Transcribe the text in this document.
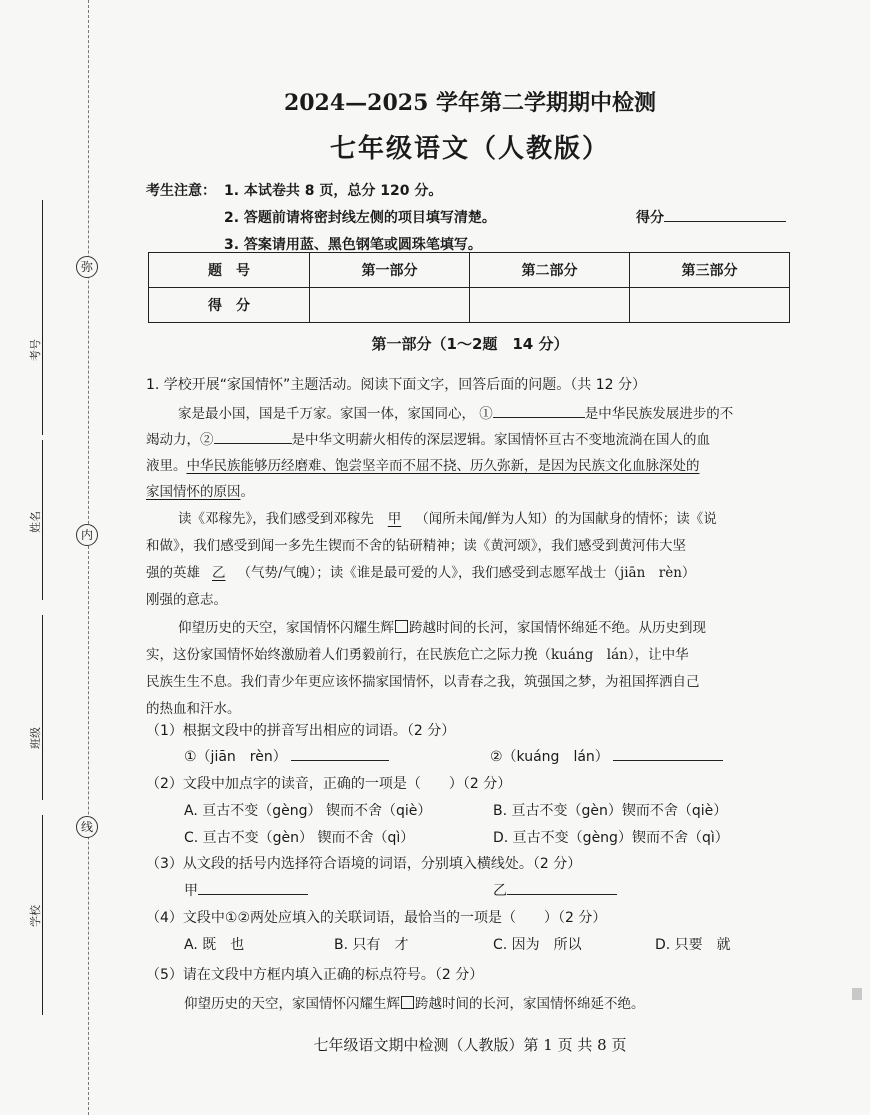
弥
内
线
考号
姓名
班级
学校
2024—2025 学年第二学期期中检测
七年级语文（人教版）
考生注意： 1. 本试卷共 8 页，总分 120 分。
2. 答题前请将密封线左侧的项目填写清楚。	得分
3. 答案请用蓝、黑色钢笔或圆珠笔填写。
题　号	第一部分	第二部分	第三部分
得　分			
第一部分（1～2题　14 分）
1. 学校开展“家国情怀”主题活动。阅读下面文字，回答后面的问题。（共 12 分）
家是最小国，国是千万家。家国一体，家国同心， ①	是中华民族发展进步的不
竭动力，②	是中华文明薪火相传的深层逻辑。家国情怀亘古不变地流淌在国人的血
液里。中华民族能够历经磨难、饱尝坚辛而不屈不挠、历久弥新，是因为民族文化血脉深处的
家国情怀的原因。
读《邓稼先》，我们感受到邓稼先 甲 （闻所未闻/鲜为人知）的为国献身的情怀；读《说
和做》，我们感受到闻一多先生锲而不舍的钻研精神；读《黄河颂》，我们感受到黄河伟大坚
强的英雄 乙 （气势/气魄）；读《谁是最可爱的人》，我们感受到志愿军战士（jiān　rèn）
刚强的意志。
仰望历史的天空，家国情怀闪耀生辉 跨越时间的长河，家国情怀绵延不绝。从历史到现
实，这份家国情怀始终激励着人们勇毅前行，在民族危亡之际力挽（kuáng　lán），让中华
民族生生不息。我们青少年更应该怀揣家国情怀，以青春之我，筑强国之梦，为祖国挥洒自己
的热血和汗水。
（1）根据文段中的拼音写出相应的词语。（2 分）
①（jiān　rèn）	②（kuáng　lán）
（2）文段中加点字的读音，正确的一项是（　　）（2 分）
A. 亘古不变（gèng） 锲而不舍（qiè）	B. 亘古不变（gèn）锲而不舍（qiè）
C. 亘古不变（gèn） 锲而不舍（qì）	D. 亘古不变（gèng）锲而不舍（qì）
（3）从文段的括号内选择符合语境的词语，分别填入横线处。（2 分）
甲	乙
（4）文段中①②两处应填入的关联词语，最恰当的一项是（　　）（2 分）
A. 既　也	B. 只有　才	C. 因为　所以	D. 只要　就
（5）请在文段中方框内填入正确的标点符号。（2 分）
仰望历史的天空，家国情怀闪耀生辉 跨越时间的长河，家国情怀绵延不绝。
七年级语文期中检测（人教版）第 1 页 共 8 页
